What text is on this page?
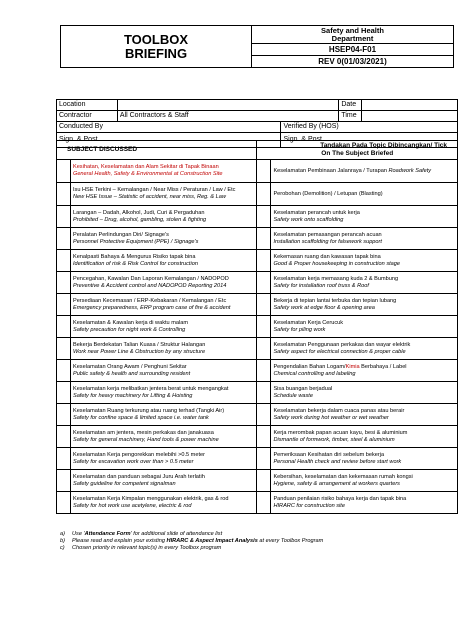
TOOLBOX
BRIEFING	Safety and Health
Department
HSEP04-F01
REV 0(01/03/2021)
Location			Date	
Contractor	All Contractors & Staff		Time	
Conducted By		Verified By (HOS)		
Sign. & Post		Sign. & Post		
SUBJECT DISCUSSED		Tandakan Pada Topic Dibincangkan/ Tick
On The Subject Briefed	

	Kesihatan, Keselamatan dan Alam Sekitar di Tapak Binaan
General Health, Safety & Environmental at Construction Site		Keselamatan Pembinaan Jalanraya / Turapan Roadwork Safety
	Isu HSE Terkini – Kemalangan / Near Miss / Peraturan / Law / Etc
New HSE Issue – Statistic of accident, near miss, Reg. & Law		Perobohan (Demolition) / Letupan (Blasting)
	Larangan – Dadah, Alkohol, Judi, Curi & Pergaduhan
Prohibited – Drug, alcohol, gambling, stolen & fighting		Keselamatan perancah untuk kerja
Safety work onto scaffolding

	Peralatan Perlindungan Diri/ Signage's
Personnel Protective Equipment (PPE) / Signage's		Keselamatan pemasangan perancah acuan
Installation scaffolding for falsework support

	Kenalpasti Bahaya & Mengurus Risiko tapak bina
Identification of risk & Risk Control for construction		Kekemasan ruang dan kawasan tapak bina
Good & Proper housekeeping in construction stage

	Pencegahan, Kawalan Dan Laporan Kemalangan / NADOPOD
Preventive & Accident control and NADOPOD Reporting 2014		Keselamatan kerja memasang kuda 2 & Bumbung
Safety for installation roof truss & Roof

	Persediaan Kecemasan / ERP-Kebakaran / Kemalangan / Etc
Emergency preparedness, ERP program case of fire & accident		Bekerja di tepian lantai terbuka dan tepian lubang
Safety work at edge floor & opening area

	Keselamatan & Kawalan kerja di waktu malam
Safety precaution for night work & Controlling		Keselamatan Kerja Cerucuk
Safety for piling work

	Bekerja Berdekatan Talian Kuasa / Struktur Halangan
Work near Power Line & Obstruction by any structure		Keselamatan Penggunaan perkakas dan wayar elektrik
Safety aspect for electrical connection & proper cable

	Keselamatan Orang Awam / Penghuni Sekitar
Public safety & health and surrounding resident		Pengendalian Bahan Logam/Kimia Berbahaya / Label
Chemical controlling and labeling

	Keselamatan kerja melibatkan jentera berat untuk mengangkat
Safety for heavy machinery for Lifting & Hoisting		Sisa buangan berjadual
Schedule waste

	Keselamatan Ruang terkurung atau ruang terhad (Tangki Air)
Safety for confine space & limited space i.e. water tank		Keselamatan bekerja dalam cuaca panas atau berair
Safety work during hot weather or wet weather

	Keselamatan am jentera, mesin perkakas dan janakuasa
Safety for general machinery, Hand tools & power machine		Kerja merombak papan acuan kayu, besi & aluminium
Dismantle of formwork, timber, steel & aluminium

	Keselamatan Kerja pengorekkan melebihi >0.5 meter
Safety for excavation work over than > 0.5 meter		Pemeriksaan Kesihatan diri sebelum bekerja
Personal Health check and review before start work

	Keselamatan dan panduan sebagai Juru Arah terlatih
Safety guideline for competent signalman		Kebersihan, keselamatan dan kekemasan rumah kongsi
Hygiene, safety & arrangement at workers quarters

	Keselamatan Kerja Kimpalan menggunakan elektrik, gas & rod
Safety for hot work use acetylene, electric & rod		Panduan penilaian risiko bahaya kerja dan tapak bina
HIRARC for construction site
a) Use 'Attendance Form' for additional slide of attendance list
b) Please read and explain your existing HIRARC & Aspect Impact Analysis at every Toolbox Program
c) Chosen priority in relevant topic(s) in every Toolbox program
